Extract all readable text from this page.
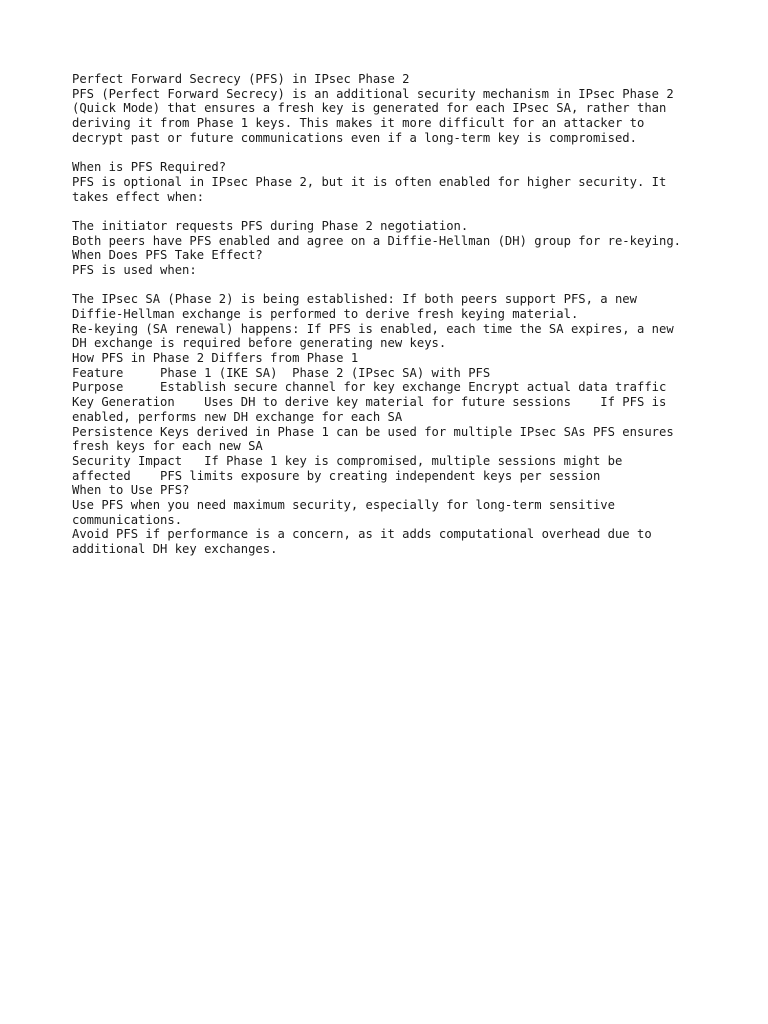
Perfect Forward Secrecy (PFS) in IPsec Phase 2
PFS (Perfect Forward Secrecy) is an additional security mechanism in IPsec Phase 2
(Quick Mode) that ensures a fresh key is generated for each IPsec SA, rather than
deriving it from Phase 1 keys. This makes it more difficult for an attacker to
decrypt past or future communications even if a long-term key is compromised.
When is PFS Required?
PFS is optional in IPsec Phase 2, but it is often enabled for higher security. It
takes effect when:
The initiator requests PFS during Phase 2 negotiation.
Both peers have PFS enabled and agree on a Diffie-Hellman (DH) group for re-keying.
When Does PFS Take Effect?
PFS is used when:
The IPsec SA (Phase 2) is being established: If both peers support PFS, a new
Diffie-Hellman exchange is performed to derive fresh keying material.
Re-keying (SA renewal) happens: If PFS is enabled, each time the SA expires, a new
DH exchange is required before generating new keys.
How PFS in Phase 2 Differs from Phase 1
Feature     Phase 1 (IKE SA)  Phase 2 (IPsec SA) with PFS
Purpose     Establish secure channel for key exchange Encrypt actual data traffic
Key Generation    Uses DH to derive key material for future sessions    If PFS is
enabled, performs new DH exchange for each SA
Persistence Keys derived in Phase 1 can be used for multiple IPsec SAs PFS ensures
fresh keys for each new SA
Security Impact   If Phase 1 key is compromised, multiple sessions might be
affected    PFS limits exposure by creating independent keys per session
When to Use PFS?
Use PFS when you need maximum security, especially for long-term sensitive
communications.
Avoid PFS if performance is a concern, as it adds computational overhead due to
additional DH key exchanges.
